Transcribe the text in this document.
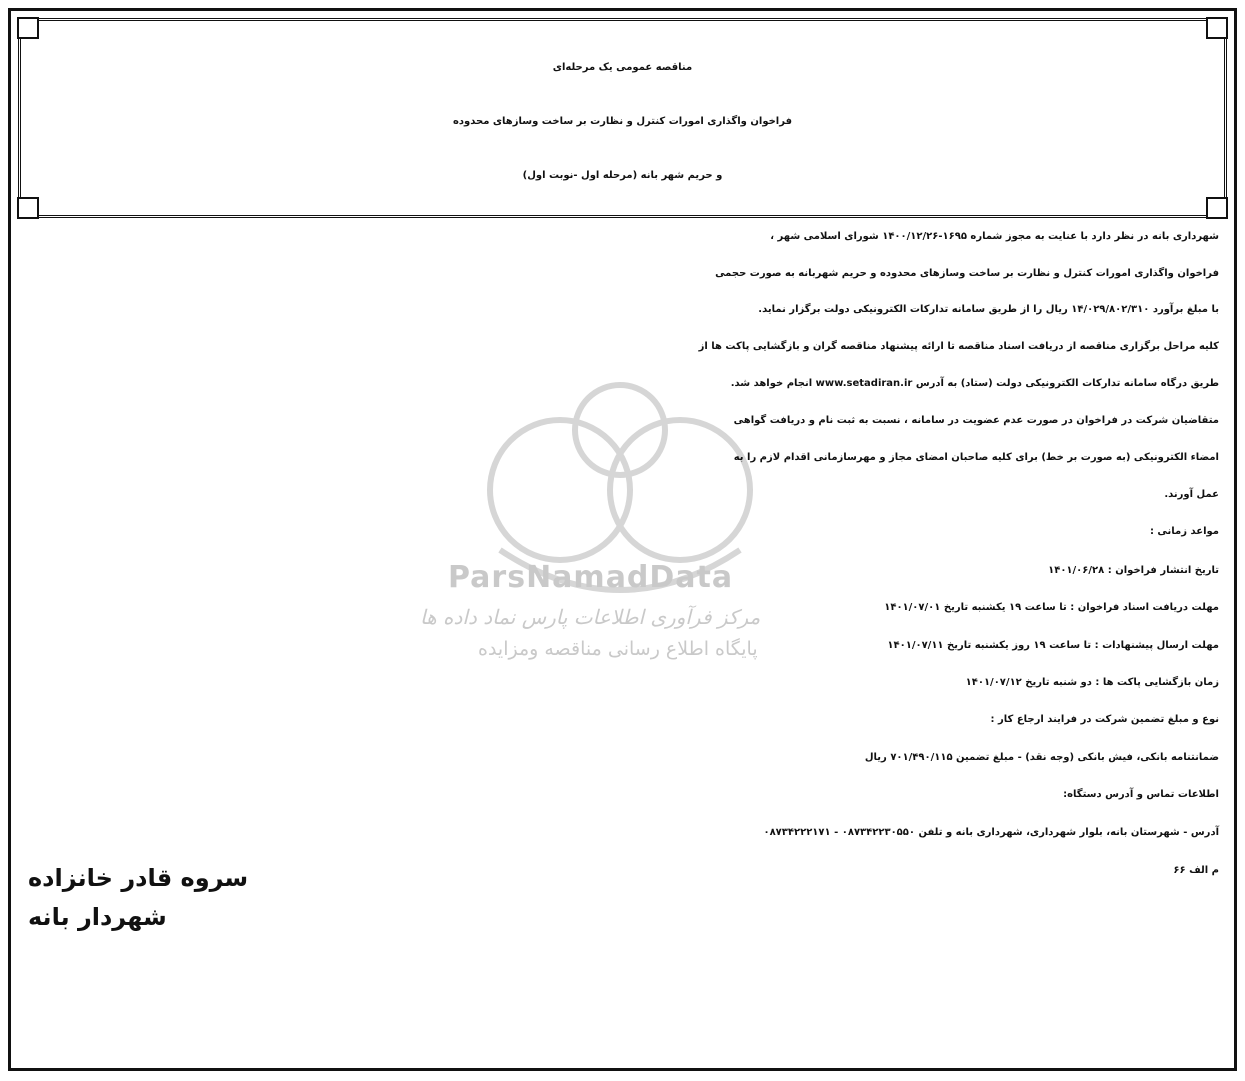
مناقصه عمومی یک مرحله‌ای
فراخوان واگذاری امورات کنترل و نظارت بر ساخت وسازهای محدوده
و حریم شهر بانه (مرحله اول -نوبت اول)
ParsNamadData
مرکز فرآوری اطلاعات پارس نماد داده ها
پایگاه اطلاع رسانی مناقصه ومزایده
شهرداری بانه در نظر دارد با عنایت به مجوز شماره ۱۶۹۵-۱۴۰۰/۱۲/۲۶ شورای اسلامی شهر ،
فراخوان واگذاری امورات کنترل و نظارت بر ساخت وسازهای محدوده و حریم شهربانه به صورت حجمی
با مبلغ برآورد ۱۴/۰۲۹/۸۰۲/۳۱۰ ریال را از طریق سامانه تدارکات الکترونیکی دولت برگزار نماید.
کلیه مراحل برگزاری مناقصه از دریافت اسناد مناقصه تا ارائه پیشنهاد مناقصه گران و بازگشایی پاکت ها از
طریق درگاه سامانه تدارکات الکترونیکی دولت (ستاد) به آدرس www.setadiran.ir انجام خواهد شد.
متقاضیان شرکت در فراخوان در صورت عدم عضویت در سامانه ، نسبت به ثبت نام و دریافت گواهی
امضاء الکترونیکی (به صورت بر خط) برای کلیه صاحبان امضای مجاز و مهرسازمانی اقدام لازم را به
عمل آورند.
مواعد زمانی :
تاریخ انتشار فراخوان : ۱۴۰۱/۰۶/۲۸
مهلت دریافت اسناد فراخوان : تا ساعت ۱۹ یکشنبه تاریخ ۱۴۰۱/۰۷/۰۱
مهلت ارسال پیشنهادات : تا ساعت ۱۹ روز یکشنبه تاریخ ۱۴۰۱/۰۷/۱۱
زمان بازگشایی پاکت ها : دو شنبه تاریخ ۱۴۰۱/۰۷/۱۲
نوع و مبلغ تضمین شرکت در فرایند ارجاع کار :
ضمانتنامه بانکی، فیش بانکی (وجه نقد) - مبلغ تضمین ۷۰۱/۴۹۰/۱۱۵ ریال
اطلاعات تماس و آدرس دستگاه:
آدرس - شهرستان بانه، بلوار شهرداری، شهرداری بانه و تلفن ۰۸۷۳۴۲۲۳۰۵۵۰ - ۰۸۷۳۴۲۲۲۱۷۱
م الف ۶۶
سروه قادر خانزاده
شهردار بانه
